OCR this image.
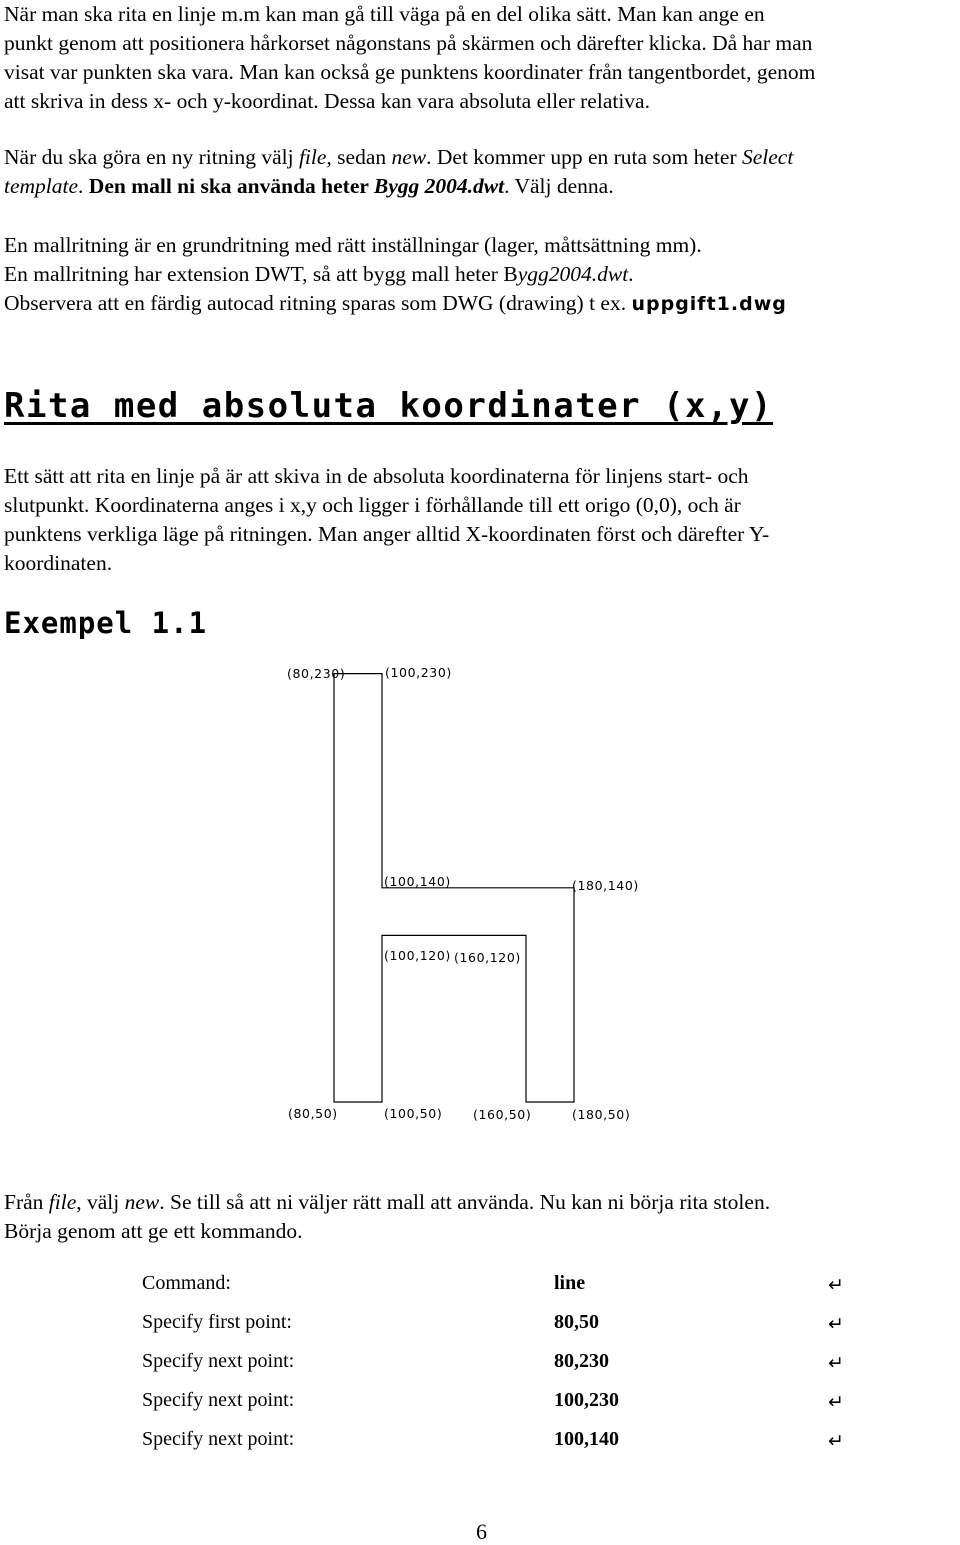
När man ska rita en linje m.m kan man gå till väga på en del olika sätt. Man kan ange en
punkt genom att positionera hårkorset någonstans på skärmen och därefter klicka. Då har man
visat var punkten ska vara. Man kan också ge punktens koordinater från tangentbordet, genom
att skriva in dess x- och y-koordinat. Dessa kan vara absoluta eller relativa.
När du ska göra en ny ritning välj file, sedan new. Det kommer upp en ruta som heter Select
template. Den mall ni ska använda heter Bygg 2004.dwt. Välj denna.
En mallritning är en grundritning med rätt inställningar (lager, måttsättning mm).
En mallritning har extension DWT, så att bygg mall heter Bygg2004.dwt.
Observera att en färdig autocad ritning sparas som DWG (drawing) t ex. uppgift1.dwg
Rita med absoluta koordinater (x,y)
Ett sätt att rita en linje på är att skiva in de absoluta koordinaterna för linjens start- och
slutpunkt. Koordinaterna anges i x,y och ligger i förhållande till ett origo (0,0), och är
punktens verkliga läge på ritningen. Man anger alltid X-koordinaten först och därefter Y-
koordinaten.
Exempel 1.1
(80,230)	(100,230)
(100,140)	(180,140)
(100,120) (160,120)
(80,50)	(100,50) (160,50)	(180,50)
Från file, välj new. Se till så att ni väljer rätt mall att använda. Nu kan ni börja rita stolen.
Börja genom att ge ett kommando.
Command:	line	↵
Specify first point:	80,50	↵
Specify next point:	80,230	↵
Specify next point:	100,230	↵
Specify next point:	100,140	↵

6
